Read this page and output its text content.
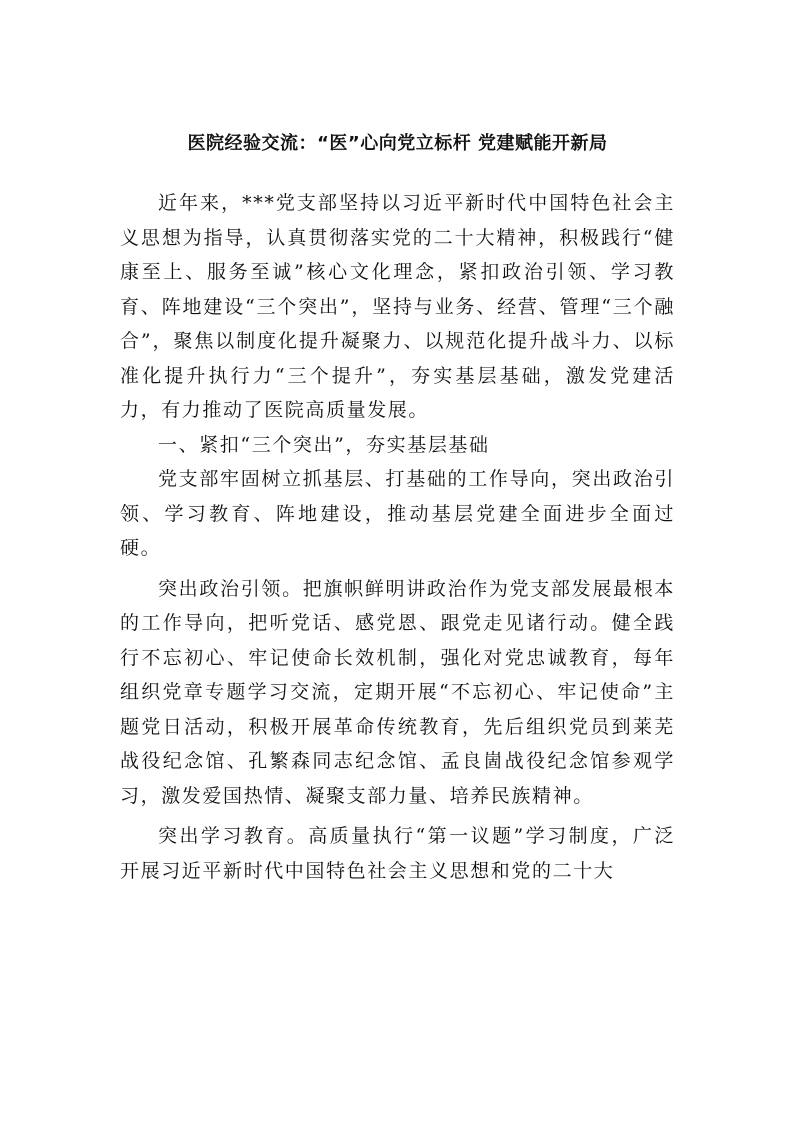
医院经验交流：“医”心向党立标杆 党建赋能开新局

近年来，***党支部坚持以习近平新时代中国特色社会主义思想为指导，认真贯彻落实党的二十大精神，积极践行“健康至上、服务至诚”核心文化理念，紧扣政治引领、学习教育、阵地建设“三个突出”，坚持与业务、经营、管理“三个融合”，聚焦以制度化提升凝聚力、以规范化提升战斗力、以标准化提升执行力“三个提升”，夯实基层基础，激发党建活力，有力推动了医院高质量发展。

一、紧扣“三个突出”，夯实基层基础

党支部牢固树立抓基层、打基础的工作导向，突出政治引领、学习教育、阵地建设，推动基层党建全面进步全面过硬。

突出政治引领。把旗帜鲜明讲政治作为党支部发展最根本的工作导向，把听党话、感党恩、跟党走见诸行动。健全践行不忘初心、牢记使命长效机制，强化对党忠诚教育，每年组织党章专题学习交流，定期开展“不忘初心、牢记使命”主题党日活动，积极开展革命传统教育，先后组织党员到莱芜战役纪念馆、孔繁森同志纪念馆、孟良崮战役纪念馆参观学习，激发爱国热情、凝聚支部力量、培养民族精神。

突出学习教育。高质量执行“第一议题”学习制度，广泛开展习近平新时代中国特色社会主义思想和党的二十大
